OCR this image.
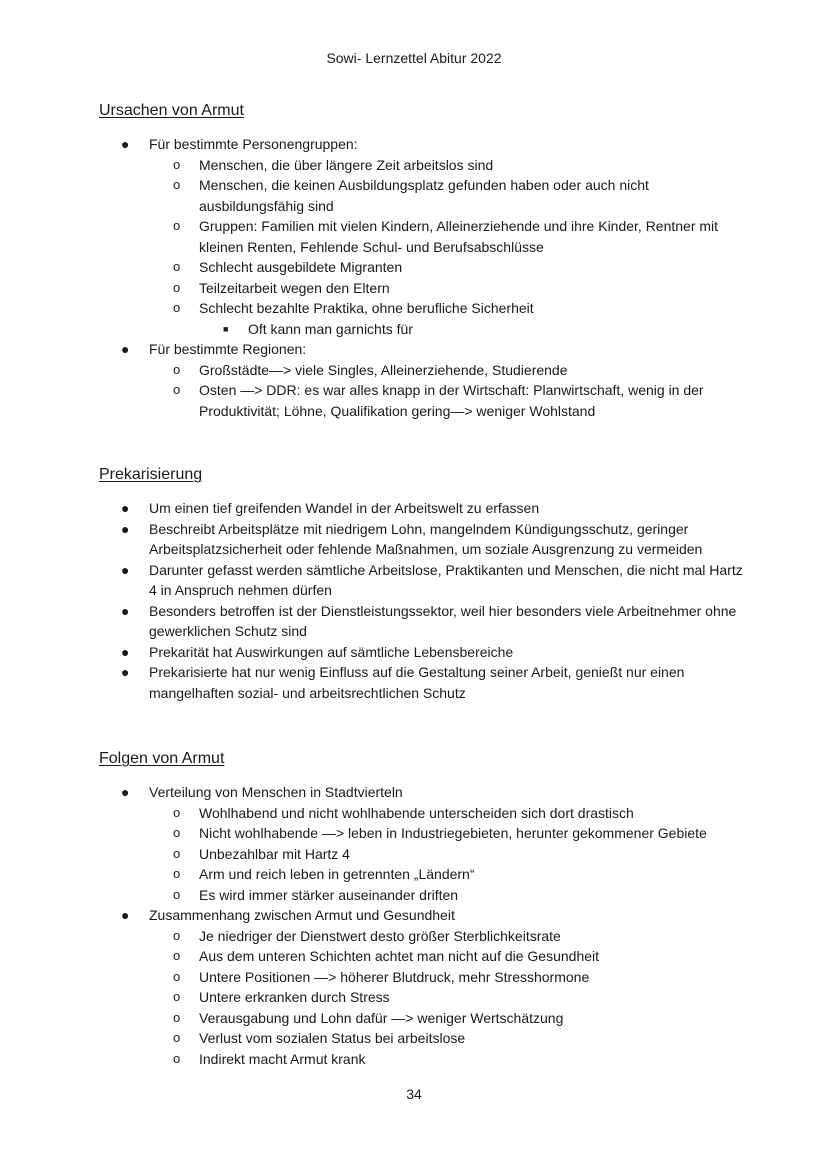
Sowi- Lernzettel Abitur 2022
Ursachen von Armut
● Für bestimmte Personengruppen:
o Menschen, die über längere Zeit arbeitslos sind
o Menschen, die keinen Ausbildungsplatz gefunden haben oder auch nicht ausbildungsfähig sind
o Gruppen: Familien mit vielen Kindern, Alleinerziehende und ihre Kinder, Rentner mit kleinen Renten, Fehlende Schul- und Berufsabschlüsse
o Schlecht ausgebildete Migranten
o Teilzeitarbeit wegen den Eltern
o Schlecht bezahlte Praktika, ohne berufliche Sicherheit
■ Oft kann man garnichts für
● Für bestimmte Regionen:
o Großstädte—> viele Singles, Alleinerziehende, Studierende
o Osten —> DDR: es war alles knapp in der Wirtschaft: Planwirtschaft, wenig in der Produktivität; Löhne, Qualifikation gering—> weniger Wohlstand
Prekarisierung
● Um einen tief greifenden Wandel in der Arbeitswelt zu erfassen
● Beschreibt Arbeitsplätze mit niedrigem Lohn, mangelndem Kündigungsschutz, geringer Arbeitsplatzsicherheit oder fehlende Maßnahmen, um soziale Ausgrenzung zu vermeiden
● Darunter gefasst werden sämtliche Arbeitslose, Praktikanten und Menschen, die nicht mal Hartz 4 in Anspruch nehmen dürfen
● Besonders betroffen ist der Dienstleistungssektor, weil hier besonders viele Arbeitnehmer ohne gewerklichen Schutz sind
● Prekarität hat Auswirkungen auf sämtliche Lebensbereiche
● Prekarisierte hat nur wenig Einfluss auf die Gestaltung seiner Arbeit, genießt nur einen mangelhaften sozial- und arbeitsrechtlichen Schutz
Folgen von Armut
● Verteilung von Menschen in Stadtvierteln
o Wohlhabend und nicht wohlhabende unterscheiden sich dort drastisch
o Nicht wohlhabende —> leben in Industriegebieten, herunter gekommener Gebiete
o Unbezahlbar mit Hartz 4
o Arm und reich leben in getrennten „Ländern“
o Es wird immer stärker auseinander driften
● Zusammenhang zwischen Armut und Gesundheit
o Je niedriger der Dienstwert desto größer Sterblichkeitsrate
o Aus dem unteren Schichten achtet man nicht auf die Gesundheit
o Untere Positionen —> höherer Blutdruck, mehr Stresshormone
o Untere erkranken durch Stress
o Verausgabung und Lohn dafür —> weniger Wertschätzung
o Verlust vom sozialen Status bei arbeitslose
o Indirekt macht Armut krank
34
